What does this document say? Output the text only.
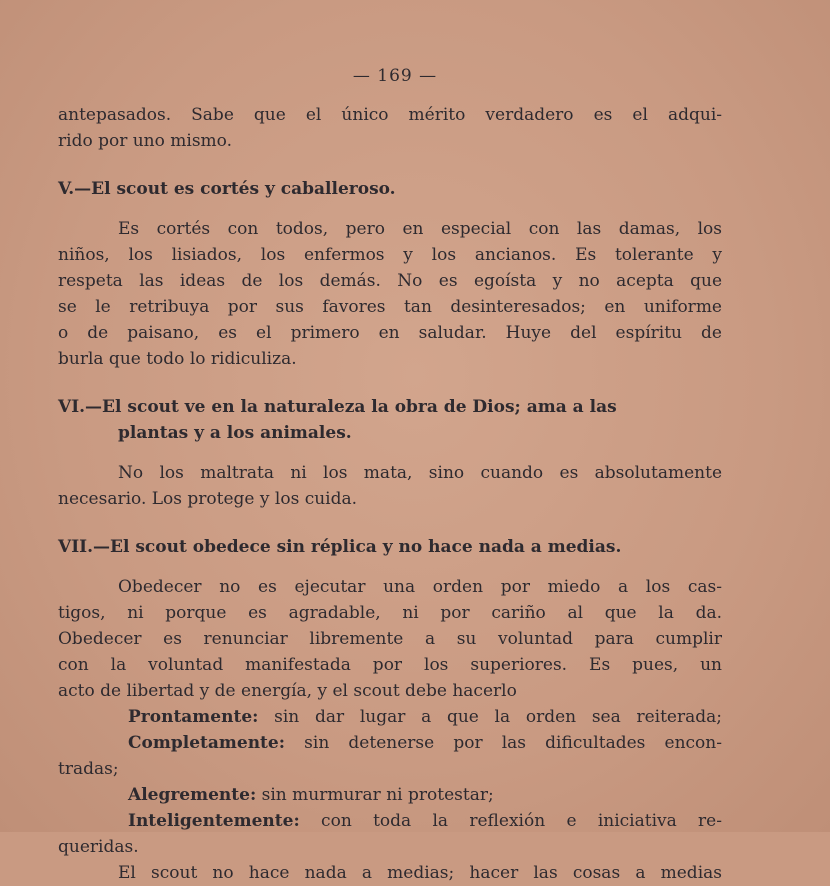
— 169 —
antepasados. Sabe que el único mérito verdadero es el adqui-
rido por uno mismo.
V.—El scout es cortés y caballeroso.
Es cortés con todos, pero en especial con las damas, los
niños, los lisiados, los enfermos y los ancianos. Es tolerante y
respeta las ideas de los demás. No es egoísta y no acepta que
se le retribuya por sus favores tan desinteresados; en uniforme
o de paisano, es el primero en saludar. Huye del espíritu de
burla que todo lo ridiculiza.
VI.—El scout ve en la naturaleza la obra de Dios; ama a las
plantas y a los animales.
No los maltrata ni los mata, sino cuando es absolutamente
necesario. Los protege y los cuida.
VII.—El scout obedece sin réplica y no hace nada a medias.
Obedecer no es ejecutar una orden por miedo a los cas-
tigos, ni porque es agradable, ni por cariño al que la da.
Obedecer es renunciar libremente a su voluntad para cumplir
con la voluntad manifestada por los superiores. Es pues, un
acto de libertad y de energía, y el scout debe hacerlo
Prontamente: sin dar lugar a que la orden sea reiterada;
Completamente: sin detenerse por las dificultades encon-
tradas;
Alegremente: sin murmurar ni protestar;
Inteligentemente: con toda la reflexión e iniciativa re-
queridas.
El scout no hace nada a medias; hacer las cosas a medias
